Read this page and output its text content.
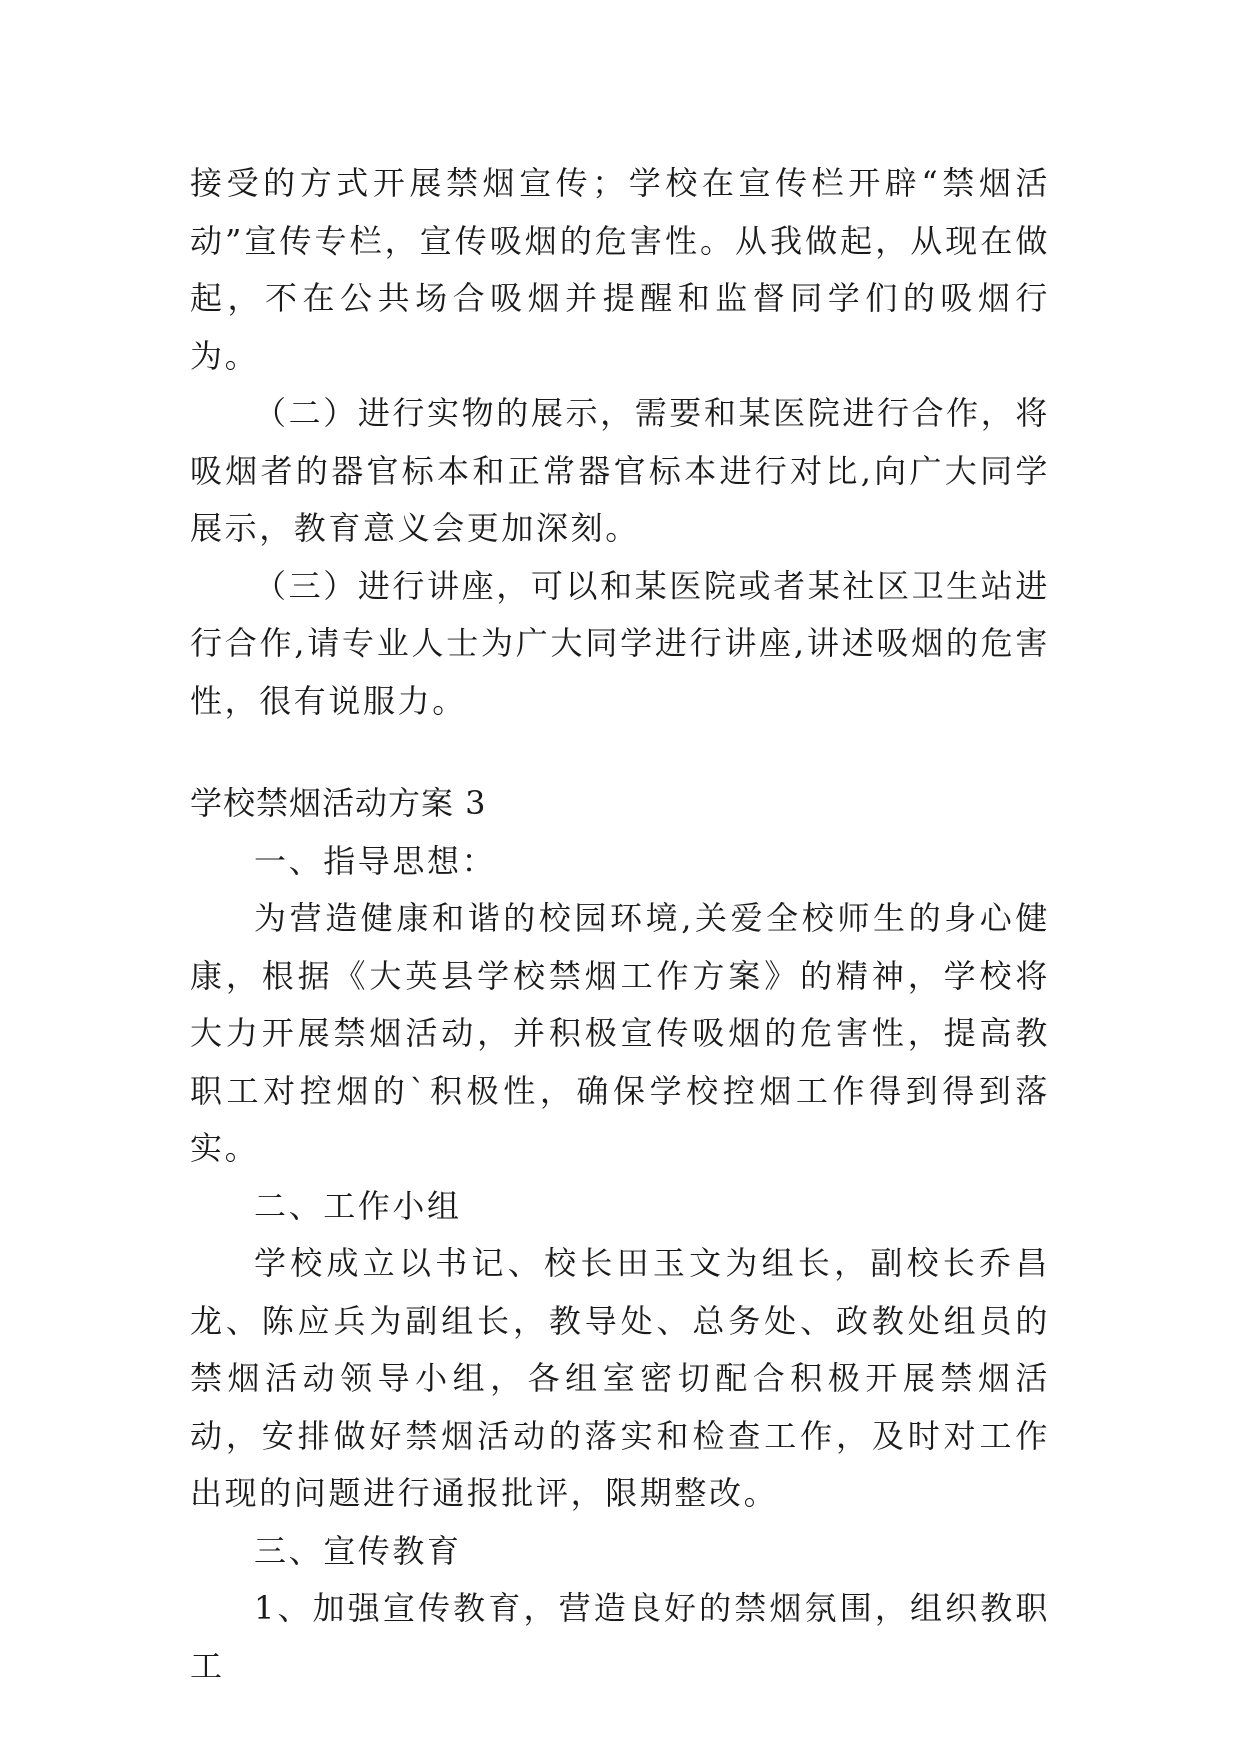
接受的方式开展禁烟宣传；学校在宣传栏开辟“禁烟活动”宣传专栏，宣传吸烟的危害性。从我做起，从现在做起，不在公共场合吸烟并提醒和监督同学们的吸烟行为。

（二）进行实物的展示，需要和某医院进行合作，将吸烟者的器官标本和正常器官标本进行对比,向广大同学展示，教育意义会更加深刻。

（三）进行讲座，可以和某医院或者某社区卫生站进行合作,请专业人士为广大同学进行讲座,讲述吸烟的危害性，很有说服力。

学校禁烟活动方案 3

一、指导思想：

为营造健康和谐的校园环境,关爱全校师生的身心健康，根据《大英县学校禁烟工作方案》的精神，学校将大力开展禁烟活动，并积极宣传吸烟的危害性，提高教职工对控烟的`积极性，确保学校控烟工作得到得到落实。

二、工作小组

学校成立以书记、校长田玉文为组长，副校长乔昌龙、陈应兵为副组长，教导处、总务处、政教处组员的禁烟活动领导小组，各组室密切配合积极开展禁烟活动，安排做好禁烟活动的落实和检查工作，及时对工作出现的问题进行通报批评，限期整改。

三、宣传教育

1、加强宣传教育，营造良好的禁烟氛围，组织教职工
